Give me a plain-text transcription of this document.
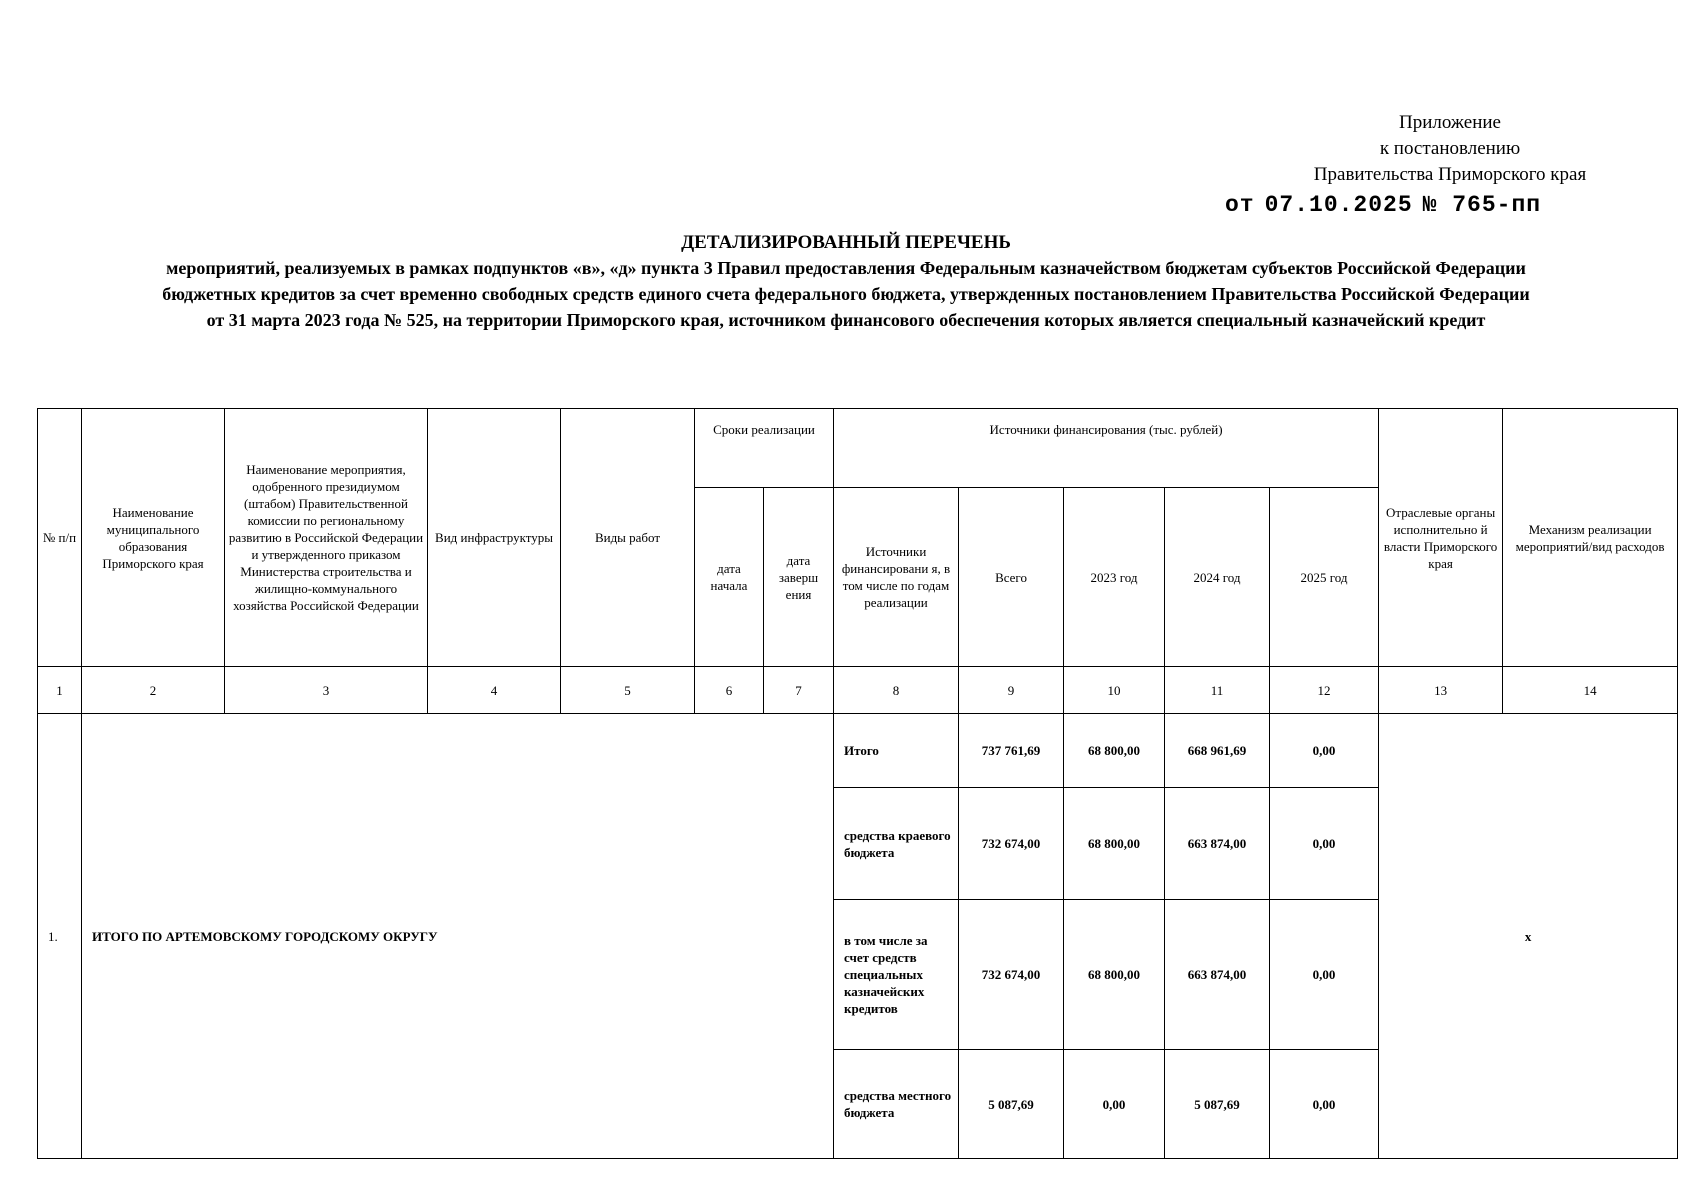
Приложение
к постановлению
Правительства Приморского края
от 07.10.2025 № 765-пп
ДЕТАЛИЗИРОВАННЫЙ ПЕРЕЧЕНЬ
мероприятий, реализуемых в рамках подпунктов «в», «д» пункта 3 Правил предоставления Федеральным казначейством бюджетам субъектов Российской Федерации
бюджетных кредитов за счет временно свободных средств единого счета федерального бюджета, утвержденных постановлением Правительства Российской Федерации
от 31 марта 2023 года № 525, на территории Приморского края, источником финансового обеспечения которых является специальный казначейский кредит
№ п/п	Наименование муниципального образования Приморского края	Наименование мероприятия, одобренного президиумом (штабом) Правительственной комиссии по региональному развитию в Российской Федерации и утвержденного приказом Министерства строительства и жилищно-коммунального хозяйства Российской Федерации	Вид инфраструктуры	Виды работ	Сроки реализации		Источники финансирования (тыс. рублей)					Отраслевые органы исполнительно й власти Приморского края	Механизм реализации мероприятий/вид расходов
					дата начала	дата заверш ения	Источники финансировани я, в том числе по годам реализации	Всего	2023 год	2024 год	2025 год		

1	2	3	4	5	6	7	8	9	10	11	12	13	14
1.	ИТОГО ПО АРТЕМОВСКОМУ ГОРОДСКОМУ ОКРУГУ						Итого	737 761,69	68 800,00	668 961,69	0,00	x	
							средства краевого бюджета	732 674,00	68 800,00	663 874,00	0,00		
							в том числе за счет средств специальных казначейских кредитов	732 674,00	68 800,00	663 874,00	0,00		
							средства местного бюджета	5 087,69	0,00	5 087,69	0,00		
